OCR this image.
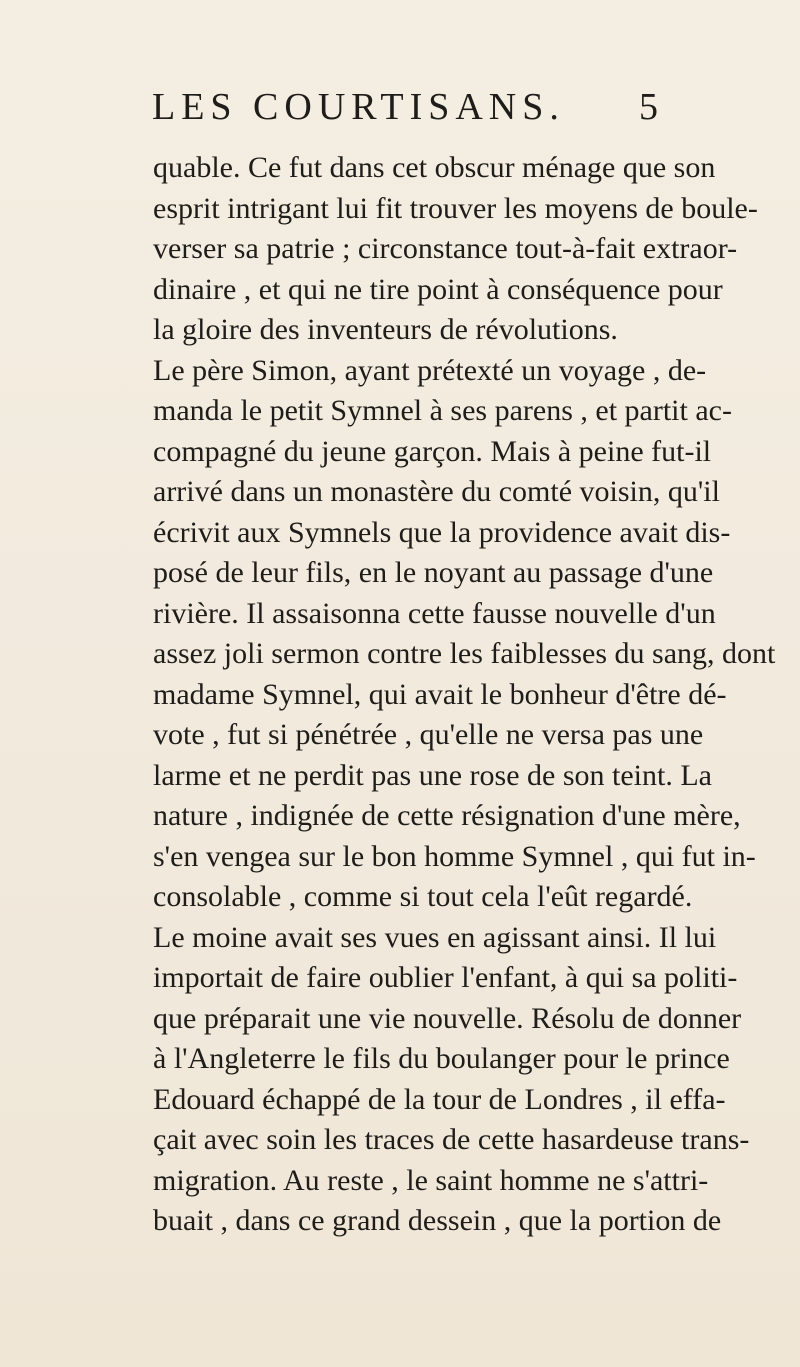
LES COURTISANS. 5
quable. Ce fut dans cet obscur ménage que son
esprit intrigant lui fit trouver les moyens de boule-
verser sa patrie ; circonstance tout-à-fait extraor-
dinaire , et qui ne tire point à conséquence pour
la gloire des inventeurs de révolutions.
Le père Simon, ayant prétexté un voyage , de-
manda le petit Symnel à ses parens , et partit ac-
compagné du jeune garçon. Mais à peine fut-il
arrivé dans un monastère du comté voisin, qu'il
écrivit aux Symnels que la providence avait dis-
posé de leur fils, en le noyant au passage d'une
rivière. Il assaisonna cette fausse nouvelle d'un
assez joli sermon contre les faiblesses du sang, dont
madame Symnel, qui avait le bonheur d'être dé-
vote , fut si pénétrée , qu'elle ne versa pas une
larme et ne perdit pas une rose de son teint. La
nature , indignée de cette résignation d'une mère,
s'en vengea sur le bon homme Symnel , qui fut in-
consolable , comme si tout cela l'eût regardé.
Le moine avait ses vues en agissant ainsi. Il lui
importait de faire oublier l'enfant, à qui sa politi-
que préparait une vie nouvelle. Résolu de donner
à l'Angleterre le fils du boulanger pour le prince
Edouard échappé de la tour de Londres , il effa-
çait avec soin les traces de cette hasardeuse trans-
migration. Au reste , le saint homme ne s'attri-
buait , dans ce grand dessein , que la portion de
